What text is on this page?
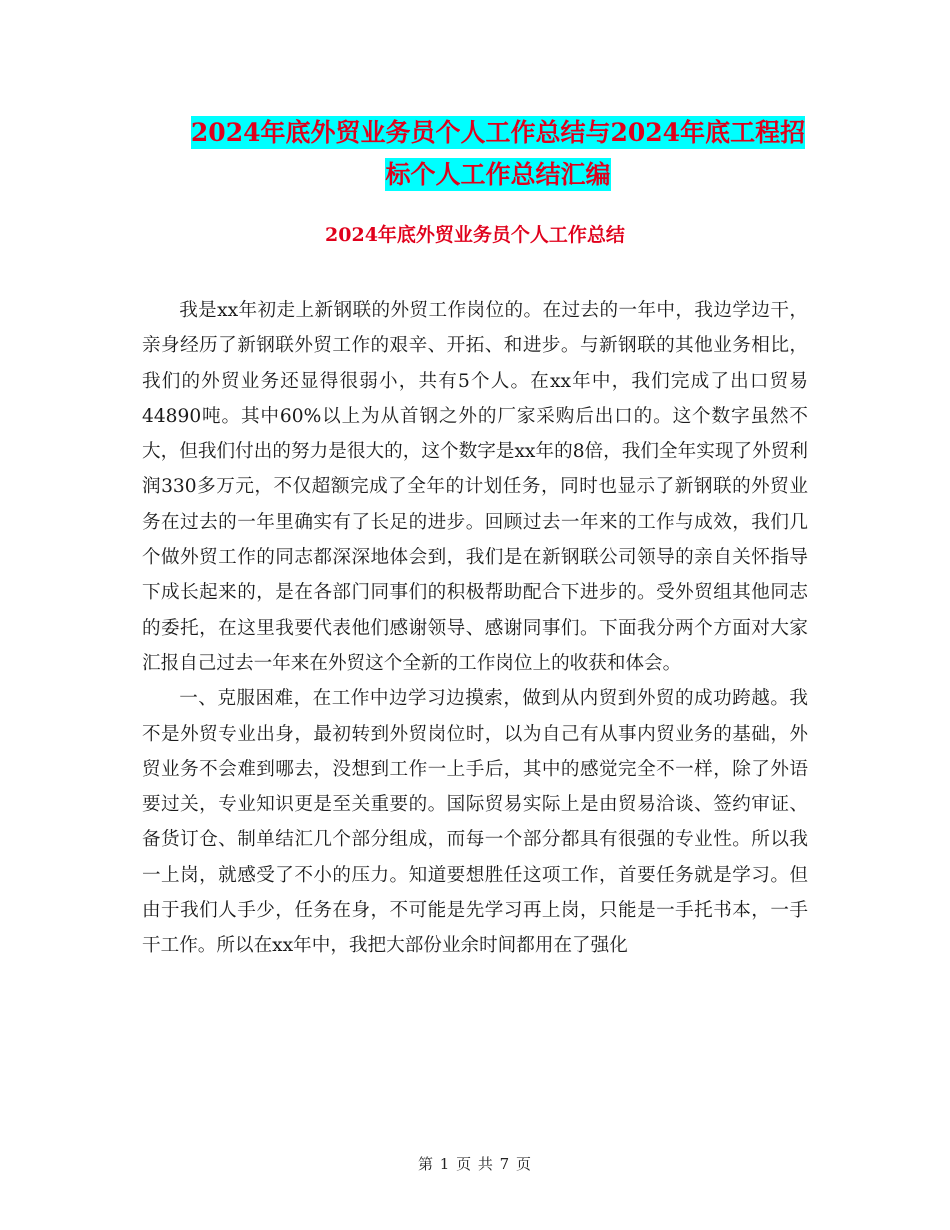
2024年底外贸业务员个人工作总结与2024年底工程招
标个人工作总结汇编
2024年底外贸业务员个人工作总结

我是xx年初走上新钢联的外贸工作岗位的。在过去的一年中，我边学边干，亲身经历了新钢联外贸工作的艰辛、开拓、和进步。与新钢联的其他业务相比，我们的外贸业务还显得很弱小，共有5个人。在xx年中，我们完成了出口贸易44890吨。其中60%以上为从首钢之外的厂家采购后出口的。这个数字虽然不大，但我们付出的努力是很大的，这个数字是xx年的8倍，我们全年实现了外贸利润330多万元，不仅超额完成了全年的计划任务，同时也显示了新钢联的外贸业务在过去的一年里确实有了长足的进步。回顾过去一年来的工作与成效，我们几个做外贸工作的同志都深深地体会到，我们是在新钢联公司领导的亲自关怀指导下成长起来的，是在各部门同事们的积极帮助配合下进步的。受外贸组其他同志的委托，在这里我要代表他们感谢领导、感谢同事们。下面我分两个方面对大家汇报自己过去一年来在外贸这个全新的工作岗位上的收获和体会。

一、克服困难，在工作中边学习边摸索，做到从内贸到外贸的成功跨越。我不是外贸专业出身，最初转到外贸岗位时，以为自己有从事内贸业务的基础，外贸业务不会难到哪去，没想到工作一上手后，其中的感觉完全不一样，除了外语要过关，专业知识更是至关重要的。国际贸易实际上是由贸易洽谈、签约审证、备货订仓、制单结汇几个部分组成，而每一个部分都具有很强的专业性。所以我一上岗，就感受了不小的压力。知道要想胜任这项工作，首要任务就是学习。但由于我们人手少，任务在身，不可能是先学习再上岗，只能是一手托书本，一手干工作。所以在xx年中，我把大部份业余时间都用在了强化

第 1 页 共 7 页
